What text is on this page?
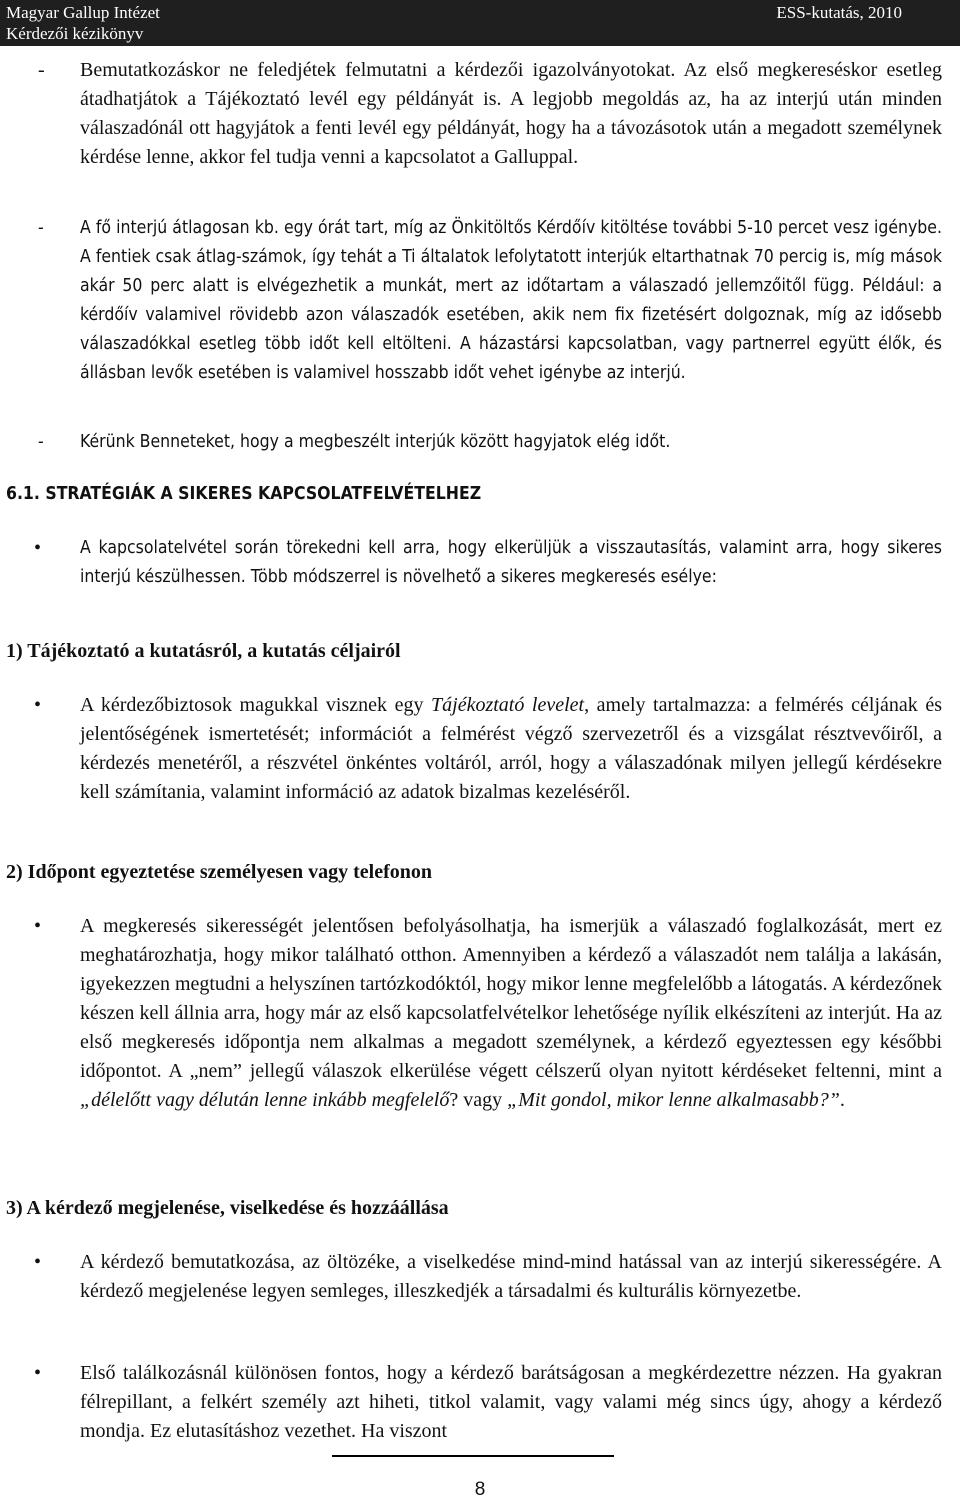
Magyar Gallup Intézet
Kérdezői kézikönyv
ESS-kutatás, 2010
- Bemutatkozáskor ne feledjétek felmutatni a kérdezői igazolványotokat. Az első megkereséskor esetleg átadhatjátok a Tájékoztató levél egy példányát is. A legjobb megoldás az, ha az interjú után minden válaszadónál ott hagyjátok a fenti levél egy példányát, hogy ha a távozásotok után a megadott személynek kérdése lenne, akkor fel tudja venni a kapcsolatot a Galluppal.
- A fő interjú átlagosan kb. egy órát tart, míg az Önkitöltős Kérdőív kitöltése további 5-10 percet vesz igénybe. A fentiek csak átlag-számok, így tehát a Ti általatok lefolytatott interjúk eltarthatnak 70 percig is, míg mások akár 50 perc alatt is elvégezhetik a munkát, mert az időtartam a válaszadó jellemzőitől függ. Például: a kérdőív valamivel rövidebb azon válaszadók esetében, akik nem fix fizetésért dolgoznak, míg az idősebb válaszadókkal esetleg több időt kell eltölteni. A házastársi kapcsolatban, vagy partnerrel együtt élők, és állásban levők esetében is valamivel hosszabb időt vehet igénybe az interjú.
- Kérünk Benneteket, hogy a megbeszélt interjúk között hagyjatok elég időt.
6.1. STRATÉGIÁK A SIKERES KAPCSOLATFELVÉTELHEZ
• A kapcsolatelvétel során törekedni kell arra, hogy elkerüljük a visszautasítás, valamint arra, hogy sikeres interjú készülhessen. Több módszerrel is növelhető a sikeres megkeresés esélye:
1) Tájékoztató a kutatásról, a kutatás céljairól
• A kérdezőbiztosok magukkal visznek egy Tájékoztató levelet, amely tartalmazza: a felmérés céljának és jelentőségének ismertetését; információt a felmérést végző szervezetről és a vizsgálat résztvevőiről, a kérdezés menetéről, a részvétel önkéntes voltáról, arról, hogy a válaszadónak milyen jellegű kérdésekre kell számítania, valamint információ az adatok bizalmas kezeléséről.
2) Időpont egyeztetése személyesen vagy telefonon
• A megkeresés sikerességét jelentősen befolyásolhatja, ha ismerjük a válaszadó foglalkozását, mert ez meghatározhatja, hogy mikor található otthon. Amennyiben a kérdező a válaszadót nem találja a lakásán, igyekezzen megtudni a helyszínen tartózkodóktól, hogy mikor lenne megfelelőbb a látogatás. A kérdezőnek készen kell állnia arra, hogy már az első kapcsolatfelvételkor lehetősége nyílik elkészíteni az interjút. Ha az első megkeresés időpontja nem alkalmas a megadott személynek, a kérdező egyeztessen egy későbbi időpontot. A „nem” jellegű válaszok elkerülése végett célszerű olyan nyitott kérdéseket feltenni, mint a „délelőtt vagy délután lenne inkább megfelelő? vagy „Mit gondol, mikor lenne alkalmasabb?”.
3) A kérdező megjelenése, viselkedése és hozzáállása
• A kérdező bemutatkozása, az öltözéke, a viselkedése mind-mind hatással van az interjú sikerességére. A kérdező megjelenése legyen semleges, illeszkedjék a társadalmi és kulturális környezetbe.
• Első találkozásnál különösen fontos, hogy a kérdező barátságosan a megkérdezettre nézzen. Ha gyakran félrepillant, a felkért személy azt hiheti, titkol valamit, vagy valami még sincs úgy, ahogy a kérdező mondja. Ez elutasításhoz vezethet. Ha viszont
8
